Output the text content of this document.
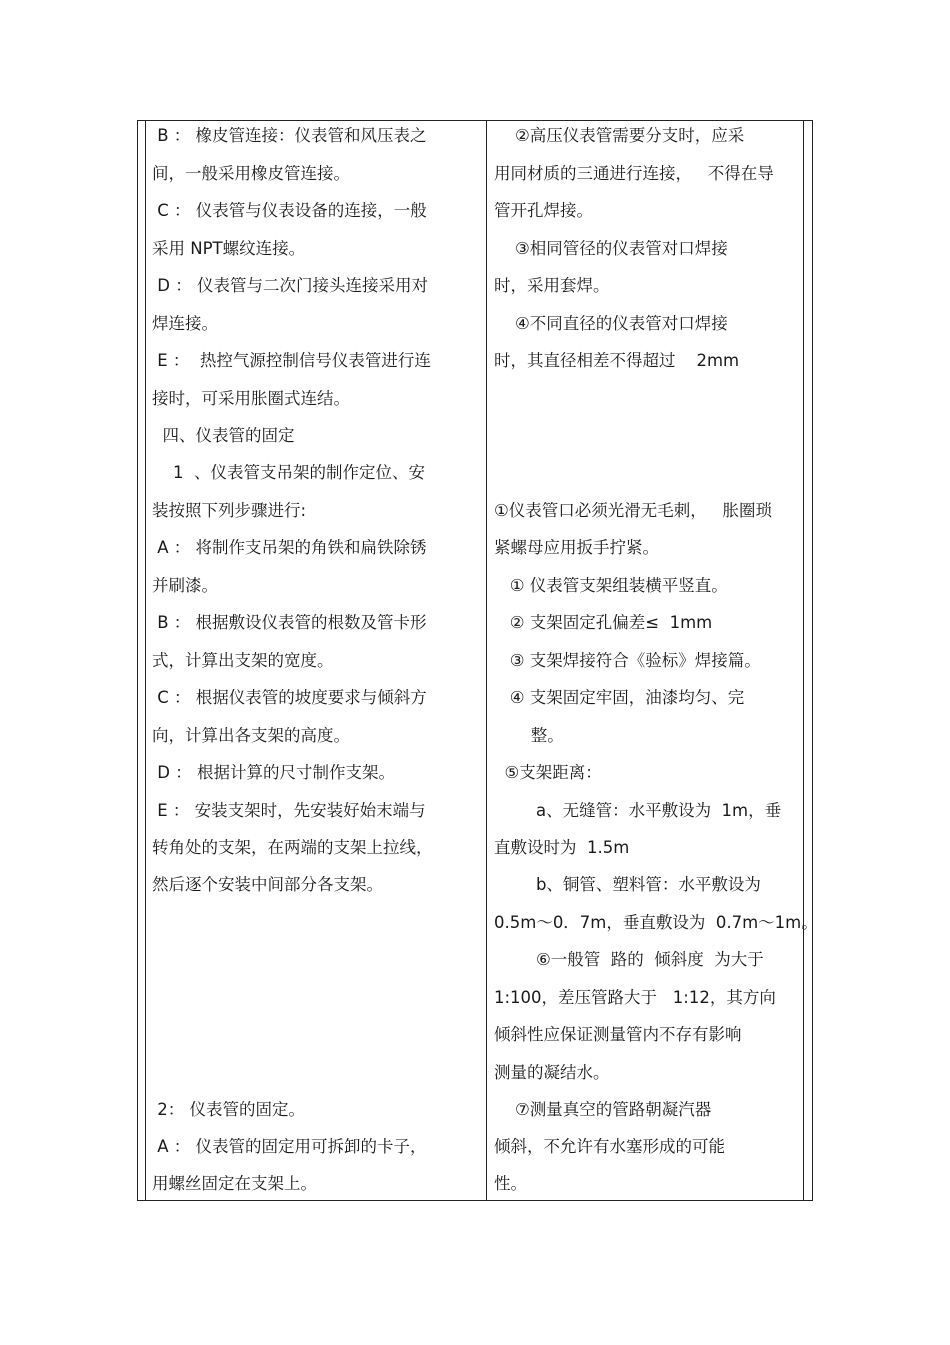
B ： 橡皮管连接：仪表管和风压表之
间，一般采用橡皮管连接。
C ： 仪表管与仪表设备的连接，一般
采用 NPT螺纹连接。
D ： 仪表管与二次门接头连接采用对
焊连接。
E ：  热控气源控制信号仪表管进行连
接时，可采用胀圈式连结。
四、仪表管的固定
1  、仪表管支吊架的制作定位、安
装按照下列步骤进行:
A ： 将制作支吊架的角铁和扁铁除锈
并刷漆。
B ： 根据敷设仪表管的根数及管卡形
式，计算出支架的宽度。
C ： 根据仪表管的坡度要求与倾斜方
向，计算出各支架的高度。
D ： 根据计算的尺寸制作支架。
E ： 安装支架时，先安装好始末端与
转角处的支架，在两端的支架上拉线，
然后逐个安装中间部分各支架。
2： 仪表管的固定。
A ： 仪表管的固定用可拆卸的卡子，
用螺丝固定在支架上。
②高压仪表管需要分支时，应采
用同材质的三通进行连接，   不得在导
管开孔焊接。
③相同管径的仪表管对口焊接
时，采用套焊。
④不同直径的仪表管对口焊接
时，其直径相差不得超过    2mm
①仪表管口必须光滑无毛刺，   胀圈琐
紧螺母应用扳手拧紧。
① 仪表管支架组装横平竖直。
② 支架固定孔偏差≤  1mm
③ 支架焊接符合《验标》焊接篇。
④ 支架固定牢固，油漆均匀、完
整。
⑤支架距离：
a、无缝管：水平敷设为  1m，垂
直敷设时为  1.5m
b、铜管、塑料管：水平敷设为
0.5m～0．7m，垂直敷设为  0.7m～1m。
⑥一般管  路的  倾斜度  为大于
1:100，差压管路大于   1:12，其方向
倾斜性应保证测量管内不存有影响
测量的凝结水。
⑦测量真空的管路朝凝汽器
倾斜，不允许有水塞形成的可能
性。
